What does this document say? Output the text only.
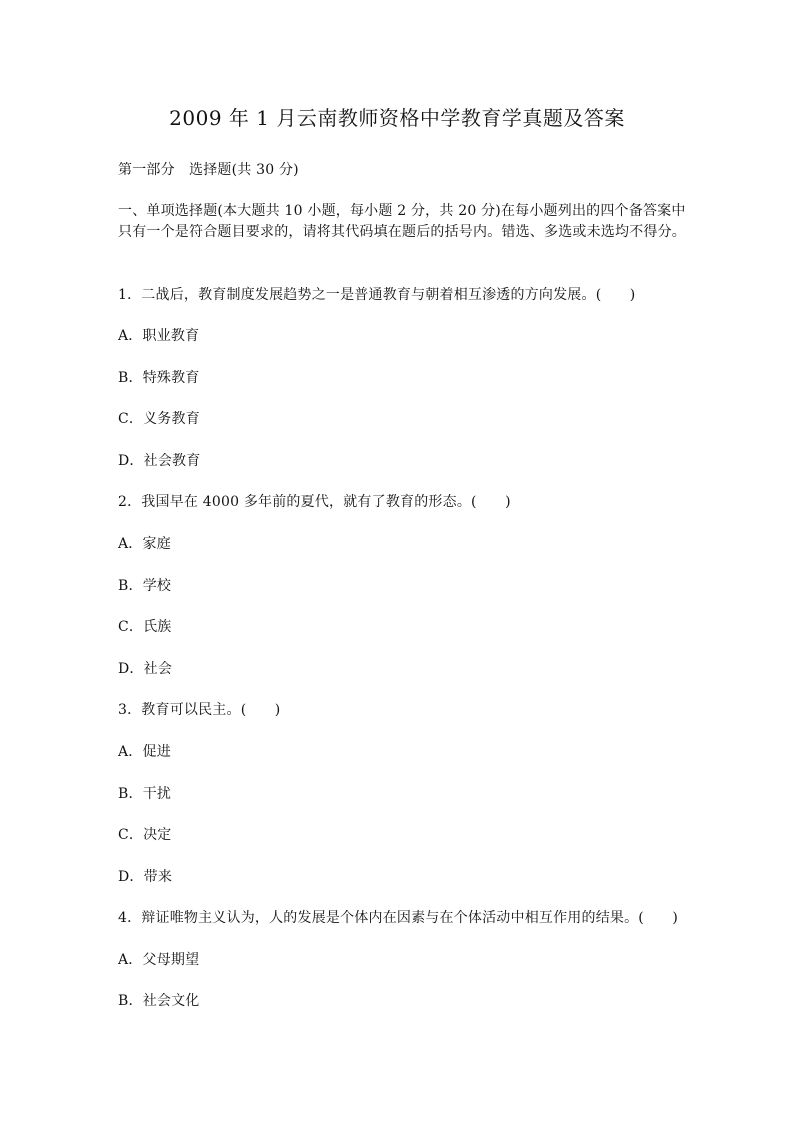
2009 年 1 月云南教师资格中学教育学真题及答案
第一部分　选择题(共 30 分)
一、单项选择题(本大题共 10 小题，每小题 2 分，共 20 分)在每小题列出的四个备答案中
只有一个是符合题目要求的，请将其代码填在题后的括号内。错选、多选或未选均不得分。
1．二战后，教育制度发展趋势之一是普通教育与朝着相互渗透的方向发展。(　　)
A．职业教育
B．特殊教育
C．义务教育
D．社会教育
2．我国早在 4000 多年前的夏代，就有了教育的形态。(　　)
A．家庭
B．学校
C．氏族
D．社会
3．教育可以民主。(　　)
A．促进
B．干扰
C．决定
D．带来
4．辩证唯物主义认为，人的发展是个体内在因素与在个体活动中相互作用的结果。(　　)
A．父母期望
B．社会文化
